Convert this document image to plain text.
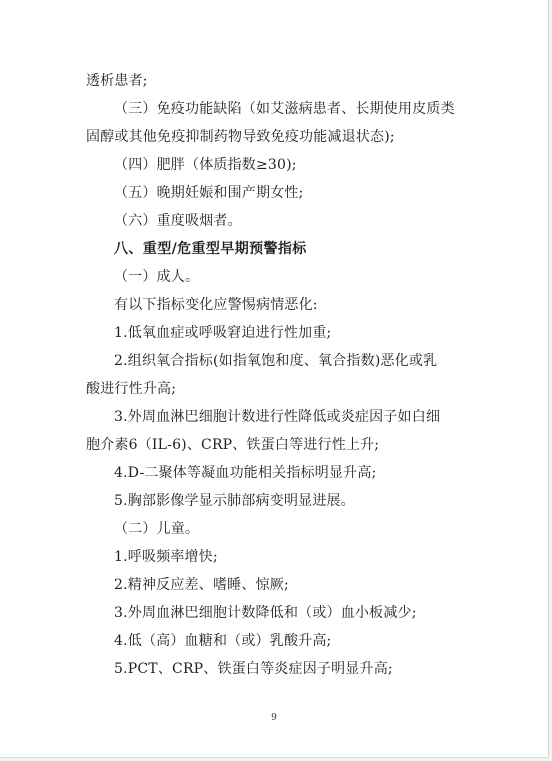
透析患者;
（三）免疫功能缺陷（如艾滋病患者、长期使用皮质类
固醇或其他免疫抑制药物导致免疫功能减退状态);
（四）肥胖（体质指数≥30);
（五）晚期妊娠和围产期女性;
（六）重度吸烟者。
八、重型/危重型早期预警指标
（一）成人。
有以下指标变化应警惕病情恶化:
1.低氧血症或呼吸窘迫进行性加重;
2.组织氧合指标(如指氧饱和度、氧合指数)恶化或乳
酸进行性升高;
3.外周血淋巴细胞计数进行性降低或炎症因子如白细
胞介素6（IL-6)、CRP、铁蛋白等进行性上升;
4.D-二聚体等凝血功能相关指标明显升高;
5.胸部影像学显示肺部病变明显进展。
（二）儿童。
1.呼吸频率增快;
2.精神反应差、嗜睡、惊厥;
3.外周血淋巴细胞计数降低和（或）血小板减少;
4.低（高）血糖和（或）乳酸升高;
5.PCT、CRP、铁蛋白等炎症因子明显升高;
9
